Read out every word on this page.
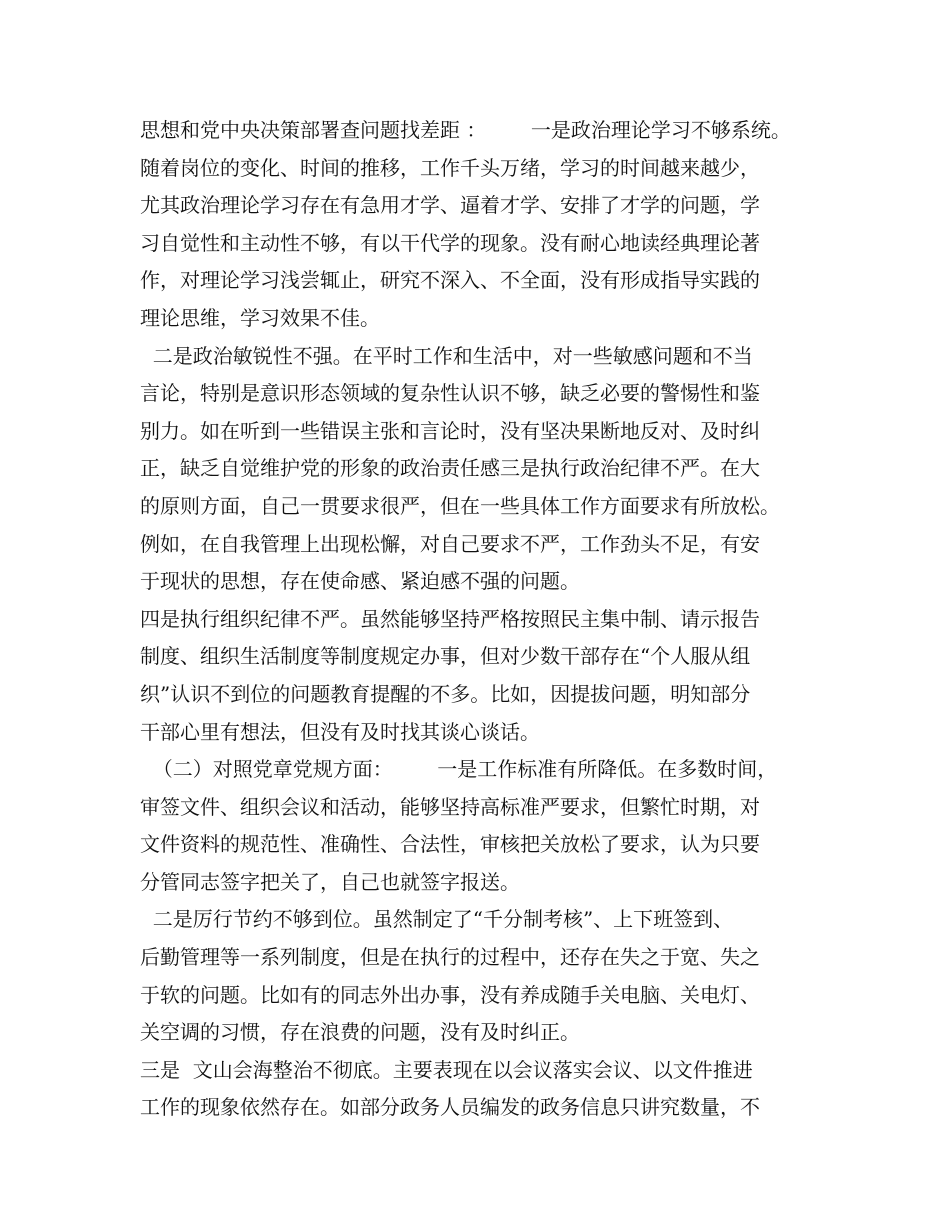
思想和党中央决策部署查问题找差距 ：       一是政治理论学习不够系统。
随着岗位的变化、时间的推移，工作千头万绪，学习的时间越来越少，
尤其政治理论学习存在有急用才学、逼着才学、安排了才学的问题，学
习自觉性和主动性不够，有以干代学的现象。没有耐心地读经典理论著
作，对理论学习浅尝辄止，研究不深入、不全面，没有形成指导实践的
理论思维，学习效果不佳。
二是政治敏锐性不强。在平时工作和生活中，对一些敏感问题和不当
言论，特别是意识形态领域的复杂性认识不够，缺乏必要的警惕性和鉴
别力。如在听到一些错误主张和言论时，没有坚决果断地反对、及时纠
正，缺乏自觉维护党的形象的政治责任感三是执行政治纪律不严。在大
的原则方面，自己一贯要求很严，但在一些具体工作方面要求有所放松。
例如，在自我管理上出现松懈，对自己要求不严，工作劲头不足，有安
于现状的思想，存在使命感、紧迫感不强的问题。
四是执行组织纪律不严。虽然能够坚持严格按照民主集中制、请示报告
制度、组织生活制度等制度规定办事，但对少数干部存在“个人服从组
织”认识不到位的问题教育提醒的不多。比如，因提拔问题，明知部分
干部心里有想法，但没有及时找其谈心谈话。
（二）对照党章党规方面：       一是工作标准有所降低。在多数时间，
审签文件、组织会议和活动，能够坚持高标准严要求，但繁忙时期，对
文件资料的规范性、准确性、合法性，审核把关放松了要求，认为只要
分管同志签字把关了，自己也就签字报送。
二是厉行节约不够到位。虽然制定了“千分制考核”、上下班签到、
后勤管理等一系列制度，但是在执行的过程中，还存在失之于宽、失之
于软的问题。比如有的同志外出办事，没有养成随手关电脑、关电灯、
关空调的习惯，存在浪费的问题，没有及时纠正。
三是  文山会海整治不彻底。主要表现在以会议落实会议、以文件推进
工作的现象依然存在。如部分政务人员编发的政务信息只讲究数量，不
